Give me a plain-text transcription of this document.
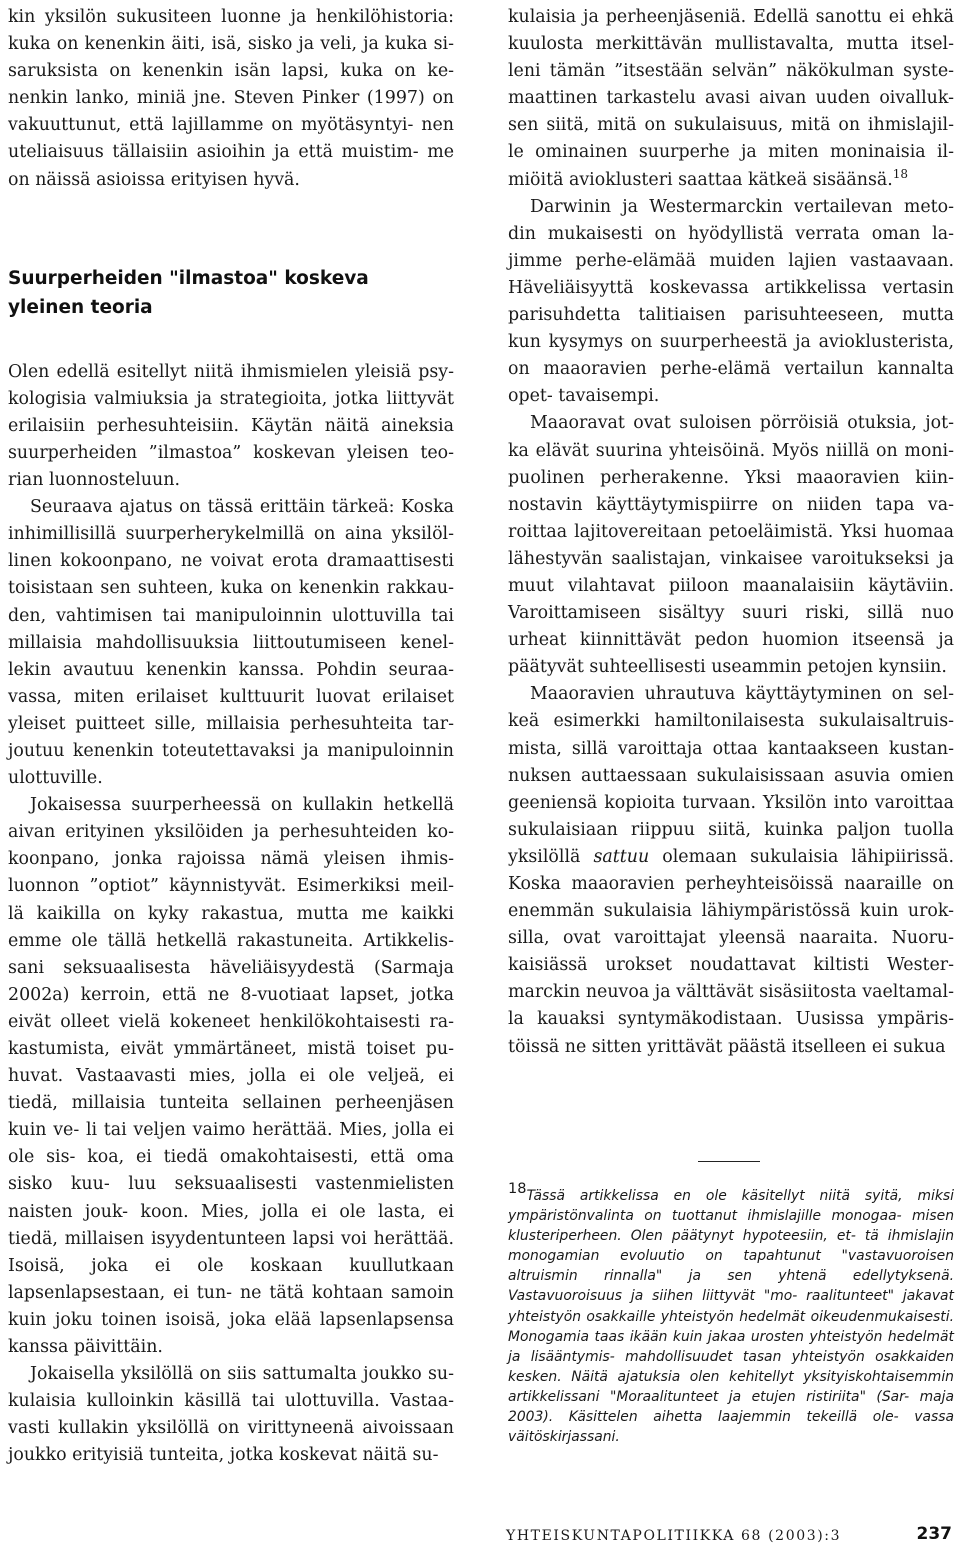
kin yksilön sukusiteen luonne ja henkilöhistoria: kuka on kenenkin äiti, isä, sisko ja veli, ja kuka si- saruksista on kenenkin isän lapsi, kuka on ke- nenkin lanko, miniä jne. Steven Pinker (1997) on vakuuttunut, että lajillamme on myötäsyntyi- nen uteliaisuus tällaisiin asioihin ja että muistim- me on näissä asioissa erityisen hyvä.

Suurperheiden "ilmastoa" koskeva
yleinen teoria

Olen edellä esitellyt niitä ihmismielen yleisiä psy- kologisia valmiuksia ja strategioita, jotka liittyvät erilaisiin perhesuhteisiin. Käytän näitä aineksia suurperheiden ”ilmastoa” koskevan yleisen teo- rian luonnosteluun.

Seuraava ajatus on tässä erittäin tärkeä: Koska inhimillisillä suurperherykelmillä on aina yksilöl- linen kokoonpano, ne voivat erota dramaattisesti toisistaan sen suhteen, kuka on kenenkin rakkau- den, vahtimisen tai manipuloinnin ulottuvilla tai millaisia mahdollisuuksia liittoutumiseen kenel- lekin avautuu kenenkin kanssa. Pohdin seuraa- vassa, miten erilaiset kulttuurit luovat erilaiset yleiset puitteet sille, millaisia perhesuhteita tar- joutuu kenenkin toteutettavaksi ja manipuloinnin ulottuville.

Jokaisessa suurperheessä on kullakin hetkellä aivan erityinen yksilöiden ja perhesuhteiden ko- koonpano, jonka rajoissa nämä yleisen ihmis- luonnon ”optiot” käynnistyvät. Esimerkiksi meil- lä kaikilla on kyky rakastua, mutta me kaikki emme ole tällä hetkellä rakastuneita. Artikkelis- sani seksuaalisesta häveliäisyydestä (Sarmaja 2002a) kerroin, että ne 8-vuotiaat lapset, jotka eivät olleet vielä kokeneet henkilökohtaisesti ra- kastumista, eivät ymmärtäneet, mistä toiset pu- huvat. Vastaavasti mies, jolla ei ole veljeä, ei tiedä, millaisia tunteita sellainen perheenjäsen kuin ve- li tai veljen vaimo herättää. Mies, jolla ei ole sis- koa, ei tiedä omakohtaisesti, että oma sisko kuu- luu seksuaalisesti vastenmielisten naisten jouk- koon. Mies, jolla ei ole lasta, ei tiedä, millaisen isyydentunteen lapsi voi herättää. Isoisä, joka ei ole koskaan kuullutkaan lapsenlapsestaan, ei tun- ne tätä kohtaan samoin kuin joku toinen isoisä, joka elää lapsenlapsensa kanssa päivittäin.

Jokaisella yksilöllä on siis sattumalta joukko su- kulaisia kulloinkin käsillä tai ulottuvilla. Vastaa- vasti kullakin yksilöllä on virittyneenä aivoissaan joukko erityisiä tunteita, jotka koskevat näitä su-

kulaisia ja perheenjäseniä. Edellä sanottu ei ehkä kuulosta merkittävän mullistavalta, mutta itsel- leni tämän ”itsestään selvän” näkökulman syste- maattinen tarkastelu avasi aivan uuden oivalluk- sen siitä, mitä on sukulaisuus, mitä on ihmislajil- le ominainen suurperhe ja miten moninaisia il- miöitä avioklusteri saattaa kätkeä sisäänsä.$^{18}$

Darwinin ja Westermarckin vertailevan meto- din mukaisesti on hyödyllistä verrata oman la- jimme perhe-elämää muiden lajien vastaavaan. Häveliäisyyttä koskevassa artikkelissa vertasin parisuhdetta talitiaisen parisuhteeseen, mutta kun kysymys on suurperheestä ja avioklusterista, on maaoravien perhe-elämä vertailun kannalta opet- tavaisempi.

Maaoravat ovat suloisen pörröisiä otuksia, jot- ka elävät suurina yhteisöinä. Myös niillä on moni- puolinen perherakenne. Yksi maaoravien kiin- nostavin käyttäytymispiirre on niiden tapa va- roittaa lajitovereitaan petoeläimistä. Yksi huomaa lähestyvän saalistajan, vinkaisee varoitukseksi ja muut vilahtavat piiloon maanalaisiin käytäviin. Varoittamiseen sisältyy suuri riski, sillä nuo urheat kiinnittävät pedon huomion itseensä ja päätyvät suhteellisesti useammin petojen kynsiin.

Maaoravien uhrautuva käyttäytyminen on sel- keä esimerkki hamiltonilaisesta sukulaisaltruis- mista, sillä varoittaja ottaa kantaakseen kustan- nuksen auttaessaan sukulaisissaan asuvia omien geeniensä kopioita turvaan. Yksilön into varoittaa sukulaisiaan riippuu siitä, kuinka paljon tuolla yksilöllä sattuu olemaan sukulaisia lähipiirissä. Koska maaoravien perheyhteisöissä naaraille on enemmän sukulaisia lähiympäristössä kuin urok- silla, ovat varoittajat yleensä naaraita. Nuoru- kaisiässä urokset noudattavat kiltisti Wester- marckin neuvoa ja välttävät sisäsiitosta vaeltamal- la kauaksi syntymäkodistaan. Uusissa ympäris- töissä ne sitten yrittävät päästä itselleen ei sukua

18Tässä artikkelissa en ole käsitellyt niitä syitä, miksi ympäristönvalinta on tuottanut ihmislajille monogaa- misen klusteriperheen. Olen päätynyt hypoteesiin, et- tä ihmislajin monogamian evoluutio on tapahtunut "vastavuoroisen altruismin rinnalla" ja sen yhtenä edellytyksenä. Vastavuoroisuus ja siihen liittyvät "mo- raalitunteet" jakavat yhteistyön osakkaille yhteistyön hedelmät oikeudenmukaisesti. Monogamia taas ikään kuin jakaa urosten yhteistyön hedelmät ja lisääntymis- mahdollisuudet tasan yhteistyön osakkaiden kesken. Näitä ajatuksia olen kehitellyt yksityiskohtaisemmin artikkelissani "Moraalitunteet ja etujen ristiriita" (Sar- maja 2003). Käsittelen aihetta laajemmin tekeillä ole- vassa väitöskirjassani.
YHTEISKUNTAPOLITIIKKA 68 (2003):3	237
